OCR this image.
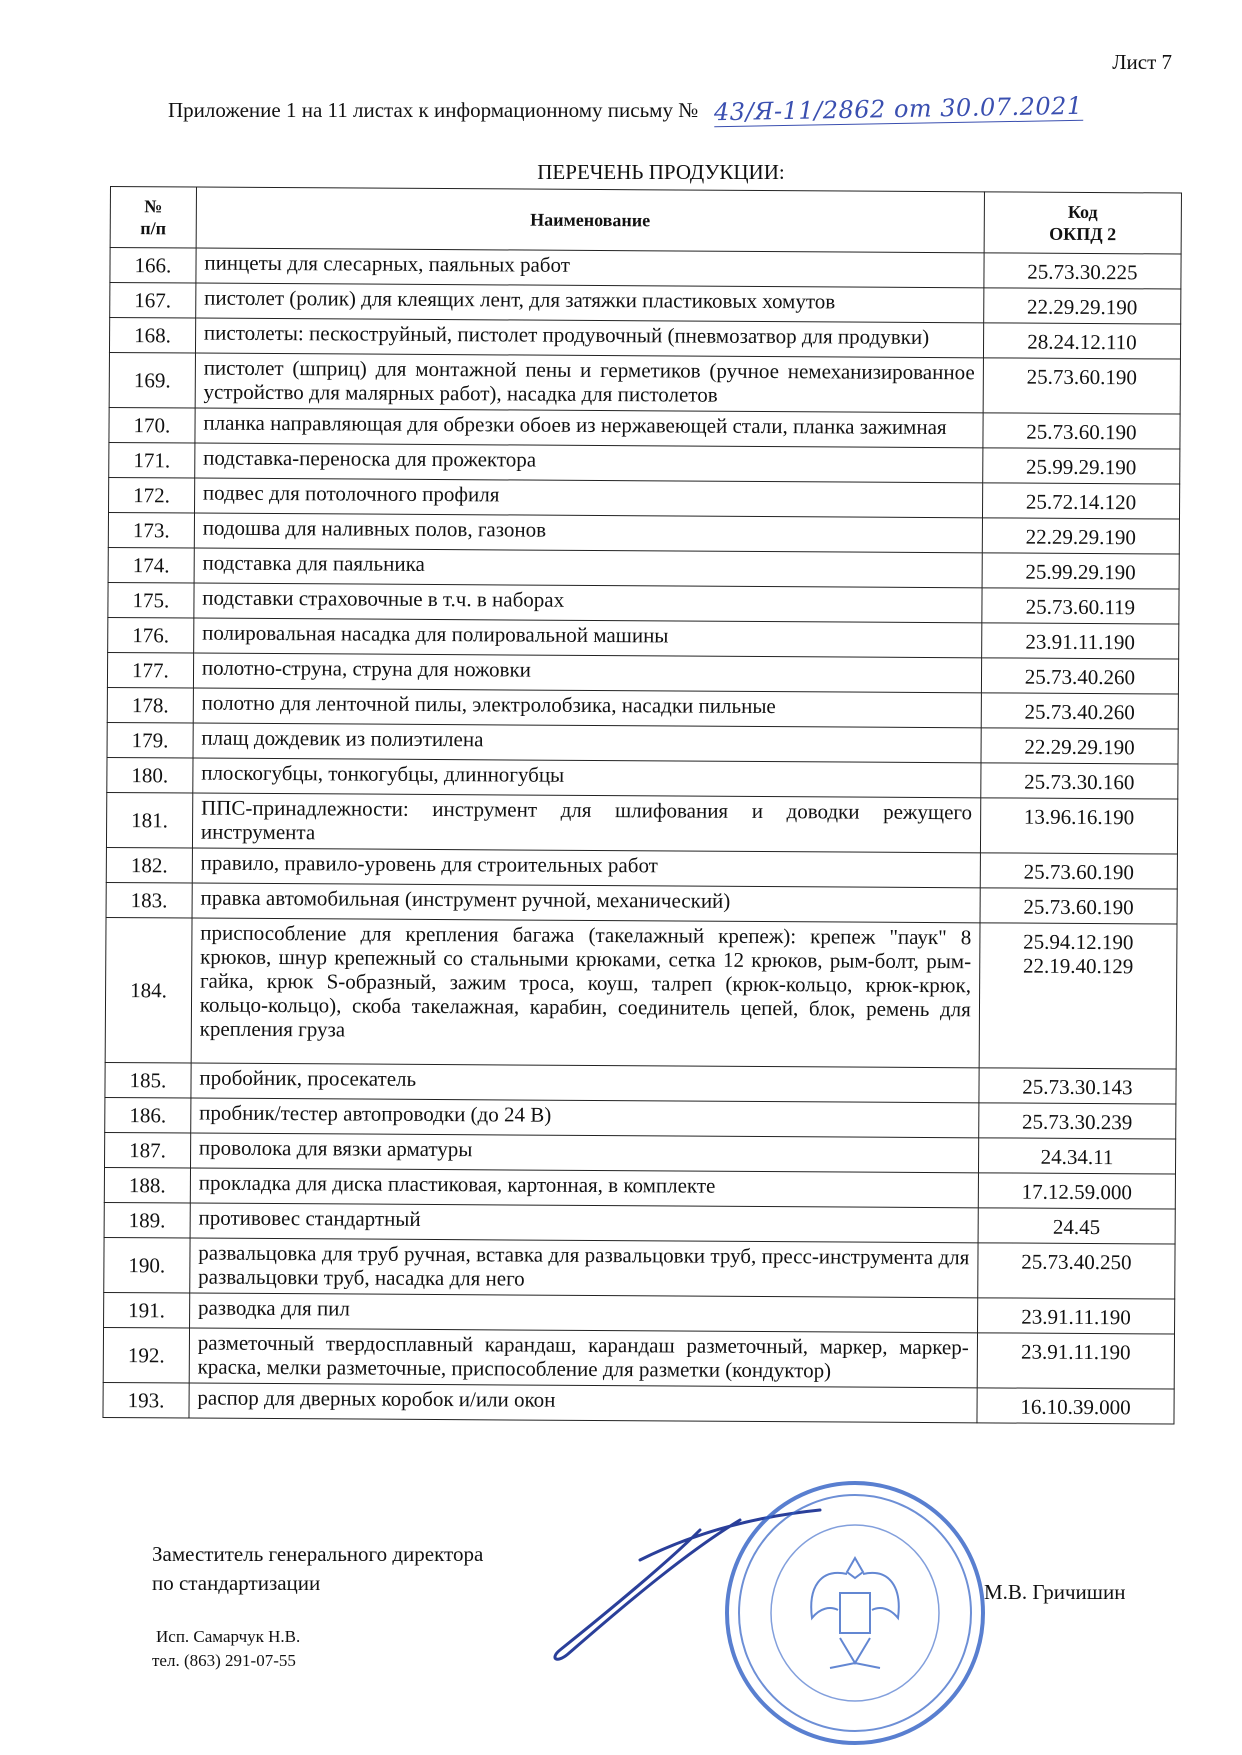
Лист 7
Приложение 1 на 11 листах к информационному письму № 43/Я-11/2862 от 30.07.2021
ПЕРЕЧЕНЬ ПРОДУКЦИИ:
№
п/п	Наименование	Код
ОКПД 2

166.	пинцеты для слесарных, паяльных работ	25.73.30.225

167.	пистолет (ролик) для клеящих лент, для затяжки пластиковых хомутов	22.29.29.190

168.	пистолеты: пескоструйный, пистолет продувочный (пневмозатвор для продувки)	28.24.12.110

169.	пистолет (шприц) для монтажной пены и герметиков (ручное немеханизированное устройство для малярных работ), насадка для пистолетов	25.73.60.190

170.	планка направляющая для обрезки обоев из нержавеющей стали, планка зажимная	25.73.60.190

171.	подставка-переноска для прожектора	25.99.29.190

172.	подвес для потолочного профиля	25.72.14.120

173.	подошва для наливных полов, газонов	22.29.29.190

174.	подставка для паяльника	25.99.29.190

175.	подставки страховочные в т.ч. в наборах	25.73.60.119

176.	полировальная насадка для полировальной машины	23.91.11.190

177.	полотно-струна, струна для ножовки	25.73.40.260

178.	полотно для ленточной пилы, электролобзика, насадки пильные	25.73.40.260

179.	плащ дождевик из полиэтилена	22.29.29.190

180.	плоскогубцы, тонкогубцы, длинногубцы	25.73.30.160

181.	ППС-принадлежности: инструмент для шлифования и доводки режущего инструмента	13.96.16.190

182.	правило, правило-уровень для строительных работ	25.73.60.190

183.	правка автомобильная (инструмент ручной, механический)	25.73.60.190

184.	приспособление для крепления багажа (такелажный крепеж): крепеж "паук" 8 крюков, шнур крепежный со стальными крюками, сетка 12 крюков, рым-болт, рым-гайка, крюк S-образный, зажим троса, коуш, талреп (крюк-кольцо, крюк-крюк, кольцо-кольцо), скоба такелажная, карабин, соединитель цепей, блок, ремень для крепления груза	25.94.12.190
22.19.40.129

185.	пробойник, просекатель	25.73.30.143

186.	пробник/тестер автопроводки (до 24 В)	25.73.30.239

187.	проволока для вязки арматуры	24.34.11

188.	прокладка для диска пластиковая, картонная, в комплекте	17.12.59.000

189.	противовес стандартный	24.45

190.	развальцовка для труб ручная, вставка для развальцовки труб, пресс-инструмента для развальцовки труб, насадка для него	25.73.40.250

191.	разводка для пил	23.91.11.190

192.	разметочный твердосплавный карандаш, карандаш разметочный, маркер, маркер-краска, мелки разметочные, приспособление для разметки (кондуктор)	23.91.11.190

193.	распор для дверных коробок и/или окон	16.10.39.000
Заместитель генерального директора
по стандартизации	М.В. Гричишин
Исп. Самарчук Н.В.
тел. (863) 291-07-55
